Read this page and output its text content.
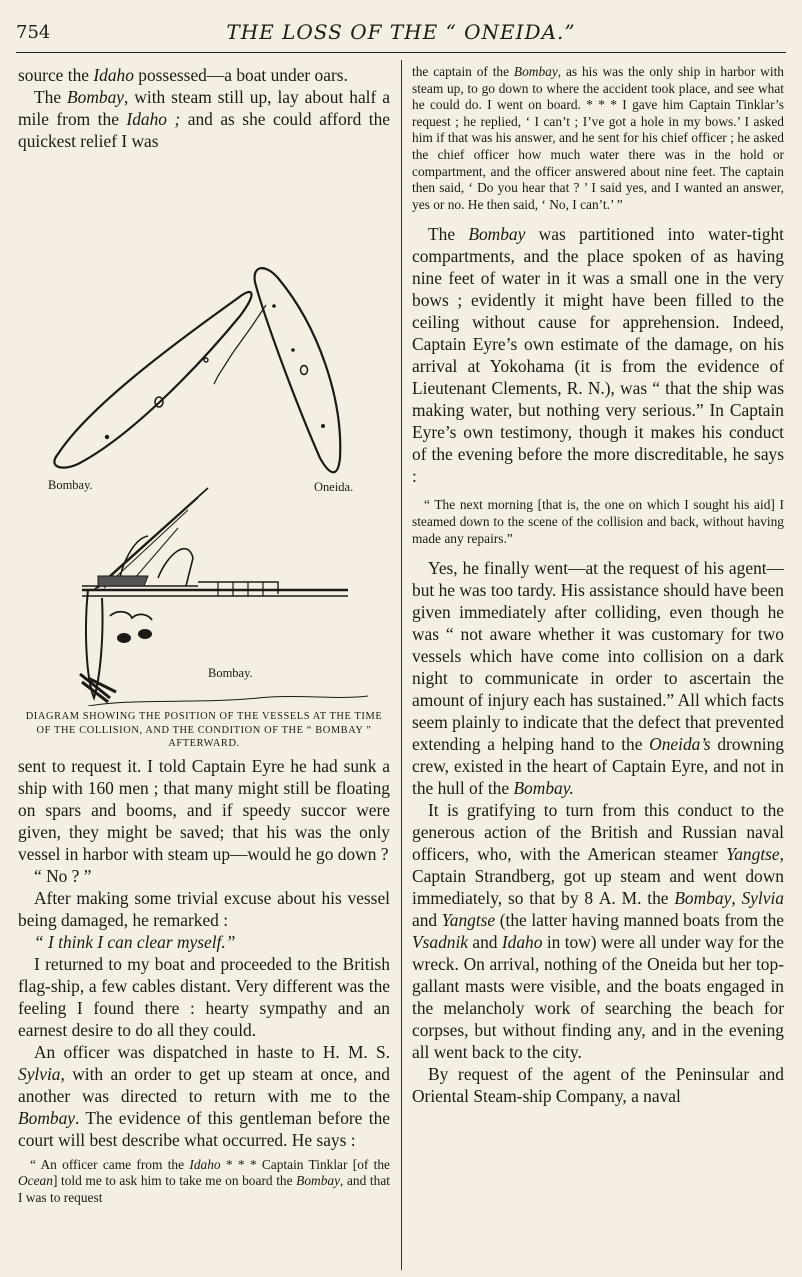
754	THE LOSS OF THE “ ONEIDA.”

source the Idaho possessed—a boat under oars.

The Bombay, with steam still up, lay about half a mile from the Idaho ; and as she could afford the quickest relief I was

Bombay.	Oneida.
Bombay.
DIAGRAM SHOWING THE POSITION OF THE VESSELS AT THE TIME OF THE COLLISION, AND THE CONDITION OF THE “ BOMBAY ” AFTERWARD.

sent to request it. I told Captain Eyre he had sunk a ship with 160 men ; that many might still be floating on spars and booms, and if speedy succor were given, they might be saved; that his was the only vessel in harbor with steam up—would he go down ?

“ No ? ”

After making some trivial excuse about his vessel being damaged, he remarked :

“ I think I can clear myself.”

I returned to my boat and proceeded to the British flag-ship, a few cables distant. Very different was the feeling I found there : hearty sympathy and an earnest desire to do all they could.

An officer was dispatched in haste to H. M. S. Sylvia, with an order to get up steam at once, and another was directed to return with me to the Bombay. The evidence of this gentleman before the court will best describe what occurred. He says :

“ An officer came from the Idaho * * * Captain Tinklar [of the Ocean] told me to ask him to take me on board the Bombay, and that I was to request

the captain of the Bombay, as his was the only ship in harbor with steam up, to go down to where the accident took place, and see what he could do. I went on board. * * * I gave him Captain Tinklar’s request ; he replied, ‘ I can’t ; I’ve got a hole in my bows.’ I asked him if that was his answer, and he sent for his chief officer ; he asked the chief officer how much water there was in the hold or compartment, and the officer answered about nine feet. The captain then said, ‘ Do you hear that ? ’ I said yes, and I wanted an answer, yes or no. He then said, ‘ No, I can’t.’ ”

The Bombay was partitioned into water-tight compartments, and the place spoken of as having nine feet of water in it was a small one in the very bows ; evidently it might have been filled to the ceiling without cause for apprehension. Indeed, Captain Eyre’s own estimate of the damage, on his arrival at Yokohama (it is from the evidence of Lieutenant Clements, R. N.), was “ that the ship was making water, but nothing very serious.” In Captain Eyre’s own testimony, though it makes his conduct of the evening before the more discreditable, he says :

“ The next morning [that is, the one on which I sought his aid] I steamed down to the scene of the collision and back, without having made any repairs.”

Yes, he finally went—at the request of his agent—but he was too tardy. His assistance should have been given immediately after colliding, even though he was “ not aware whether it was customary for two vessels which have come into collision on a dark night to communicate in order to ascertain the amount of injury each has sustained.” All which facts seem plainly to indicate that the defect that prevented extending a helping hand to the Oneida’s drowning crew, existed in the heart of Captain Eyre, and not in the hull of the Bombay.

It is gratifying to turn from this conduct to the generous action of the British and Russian naval officers, who, with the American steamer Yangtse, Captain Strandberg, got up steam and went down immediately, so that by 8 A. M. the Bombay, Sylvia and Yangtse (the latter having manned boats from the Vsadnik and Idaho in tow) were all under way for the wreck. On arrival, nothing of the Oneida but her top-gallant masts were visible, and the boats engaged in the melancholy work of searching the beach for corpses, but without finding any, and in the evening all went back to the city.

By request of the agent of the Peninsular and Oriental Steam-ship Company, a naval
